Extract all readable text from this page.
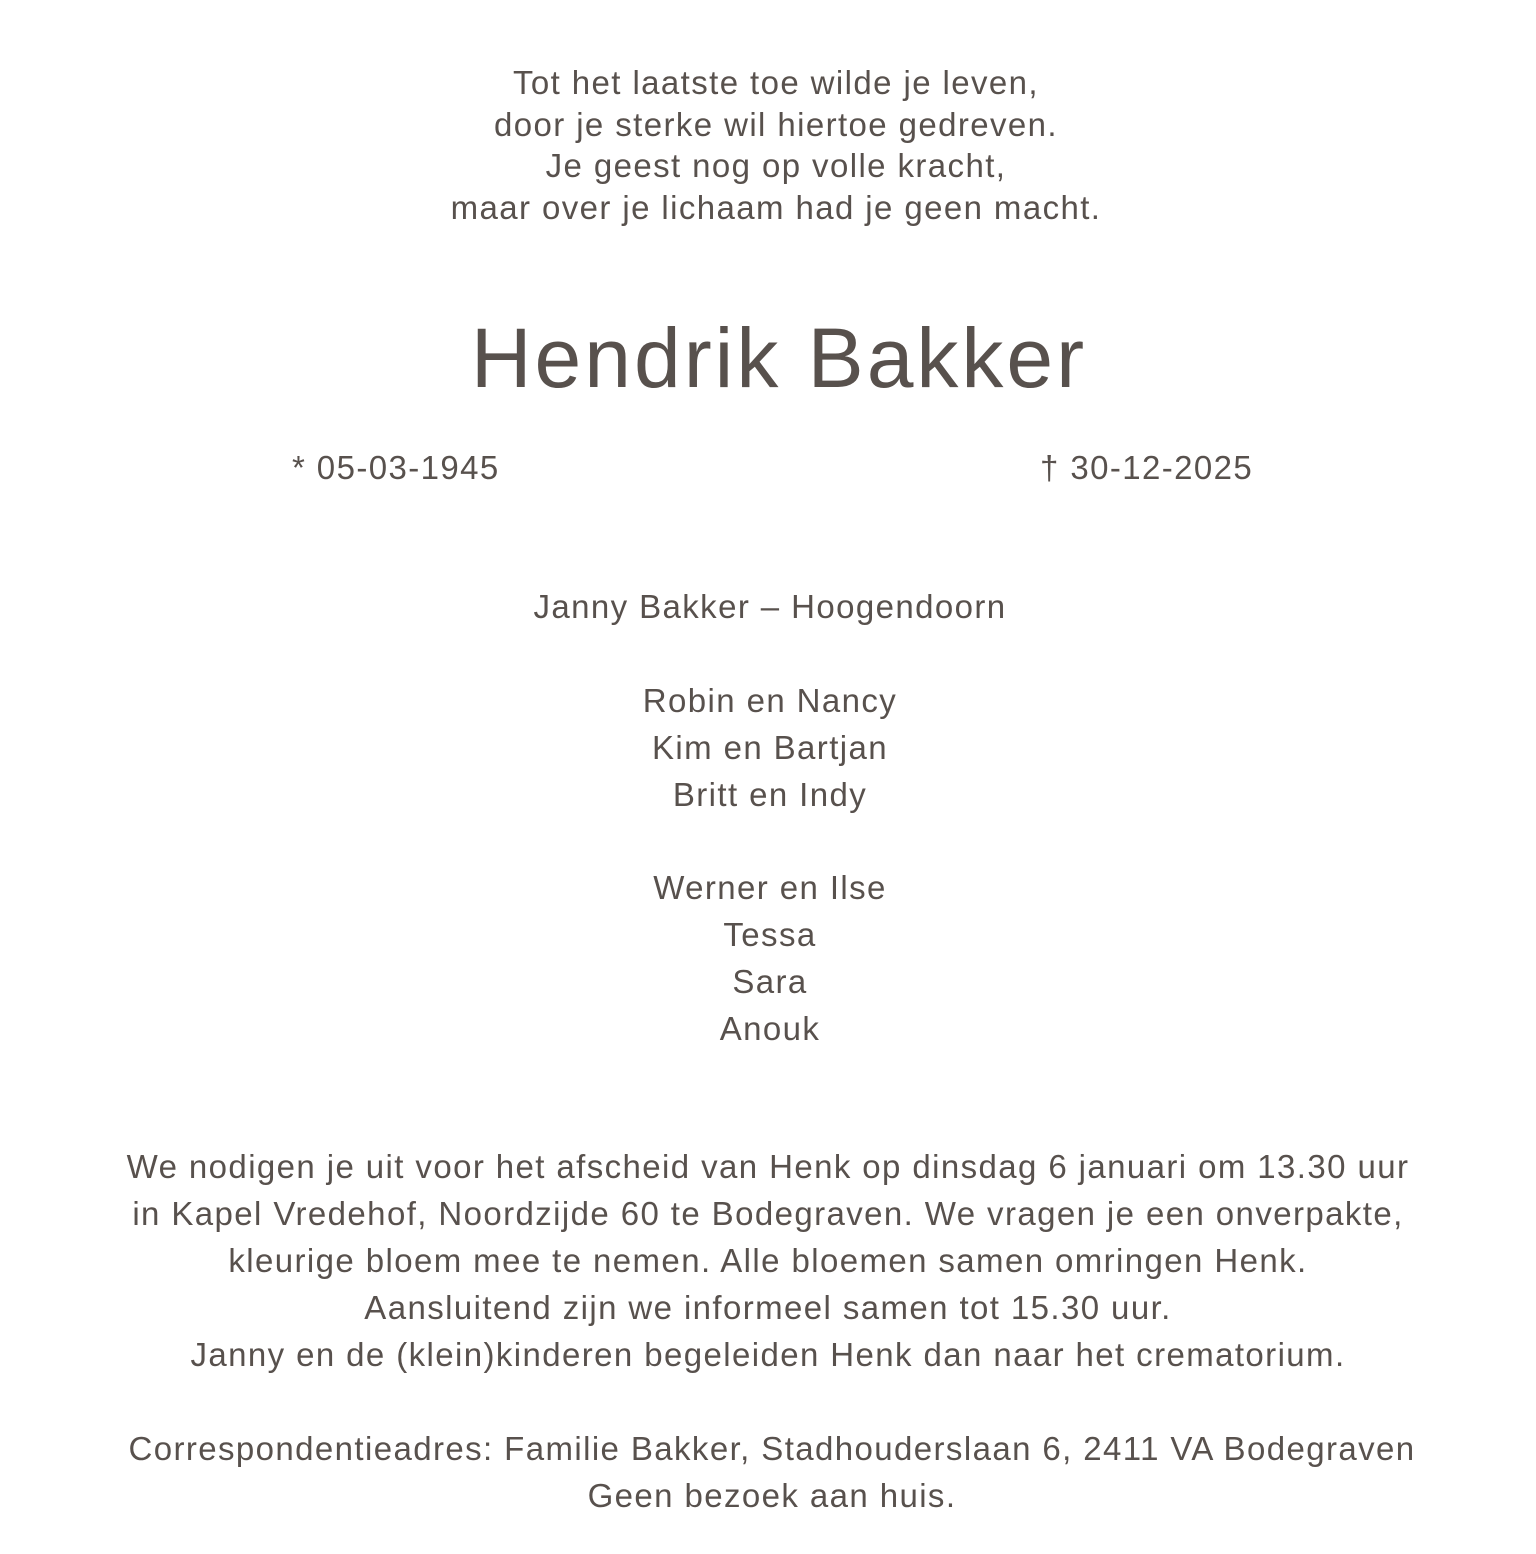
Tot het laatste toe wilde je leven,
door je sterke wil hiertoe gedreven.
Je geest nog op volle kracht,
maar over je lichaam had je geen macht.
Hendrik Bakker
* 05-03-1945	† 30-12-2025
Janny Bakker – Hoogendoorn
Robin en Nancy
Kim en Bartjan
Britt en Indy
Werner en Ilse
Tessa
Sara
Anouk
We nodigen je uit voor het afscheid van Henk op dinsdag 6 januari om 13.30 uur
in Kapel Vredehof, Noordzijde 60 te Bodegraven. We vragen je een onverpakte,
kleurige bloem mee te nemen. Alle bloemen samen omringen Henk.
Aansluitend zijn we informeel samen tot 15.30 uur.
Janny en de (klein)kinderen begeleiden Henk dan naar het crematorium.
Correspondentieadres: Familie Bakker, Stadhouderslaan 6, 2411 VA Bodegraven
Geen bezoek aan huis.
